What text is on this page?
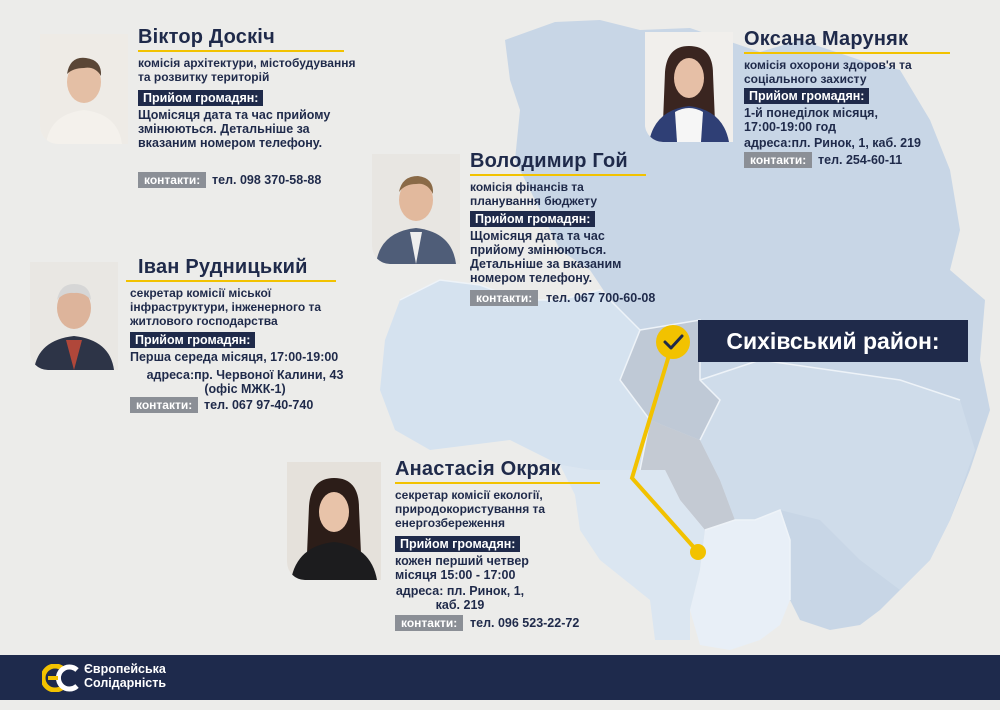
Сихівський район:
Віктор Доскіч
комісія архітектури, містобудування та розвитку територій
Прийом громадян:
Щомісяця дата та час прийому змінюються. Детальніше за вказаним номером телефону.
контакти: тел. 098 370-58-88
Іван Рудницький
секретар комісії міської інфраструктури, інженерного та житлового господарства
Прийом громадян:
Перша середа місяця, 17:00-19:00
адреса:пр. Червоної Калини, 43 (офіс МЖК-1)
контакти: тел. 067 97-40-740
Володимир Гой
комісія фінансів та планування бюджету
Прийом громадян:
Щомісяця дата та час прийому змінюються. Детальніше за вказаним номером телефону.
контакти:	тел. 067 700-60-08
Оксана Маруняк
комісія охорони здоров'я та соціального захисту
Прийом громадян:
1-й понеділок місяця, 17:00-19:00 год
адреса:пл. Ринок, 1, каб. 219
контакти: тел. 254-60-11
Анастасія Окряк
секретар комісії екології, природокористування та енергозбереження
Прийом громадян:
кожен перший четвер місяця 15:00 - 17:00
адреса: пл. Ринок, 1, каб. 219
контакти:	тел. 096 523-22-72
Європейська
Солідарність
